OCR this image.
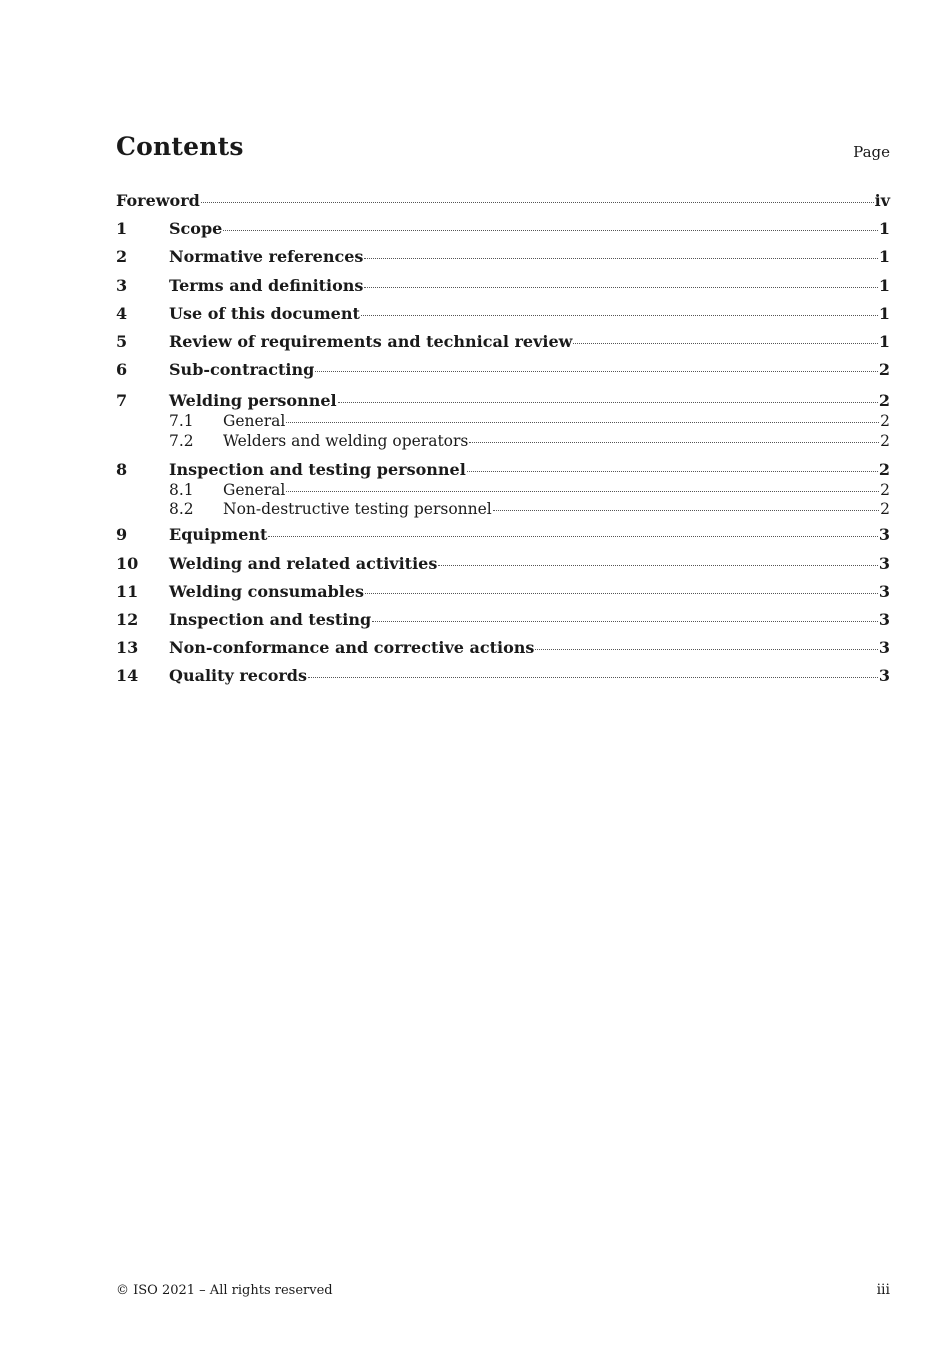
Contents	Page
Foreword	iv
1	Scope	1
2	Normative references	1
3	Terms and definitions	1
4	Use of this document	1
5	Review of requirements and technical review	1
6	Sub-contracting	2
7	Welding personnel	2
7.1	General	2
7.2	Welders and welding operators	2
8	Inspection and testing personnel	2
8.1	General	2
8.2	Non-destructive testing personnel	2
9	Equipment	3
10	Welding and related activities	3
11	Welding consumables	3
12	Inspection and testing	3
13	Non-conformance and corrective actions	3
14	Quality records	3
© ISO 2021 – All rights reserved	iii
